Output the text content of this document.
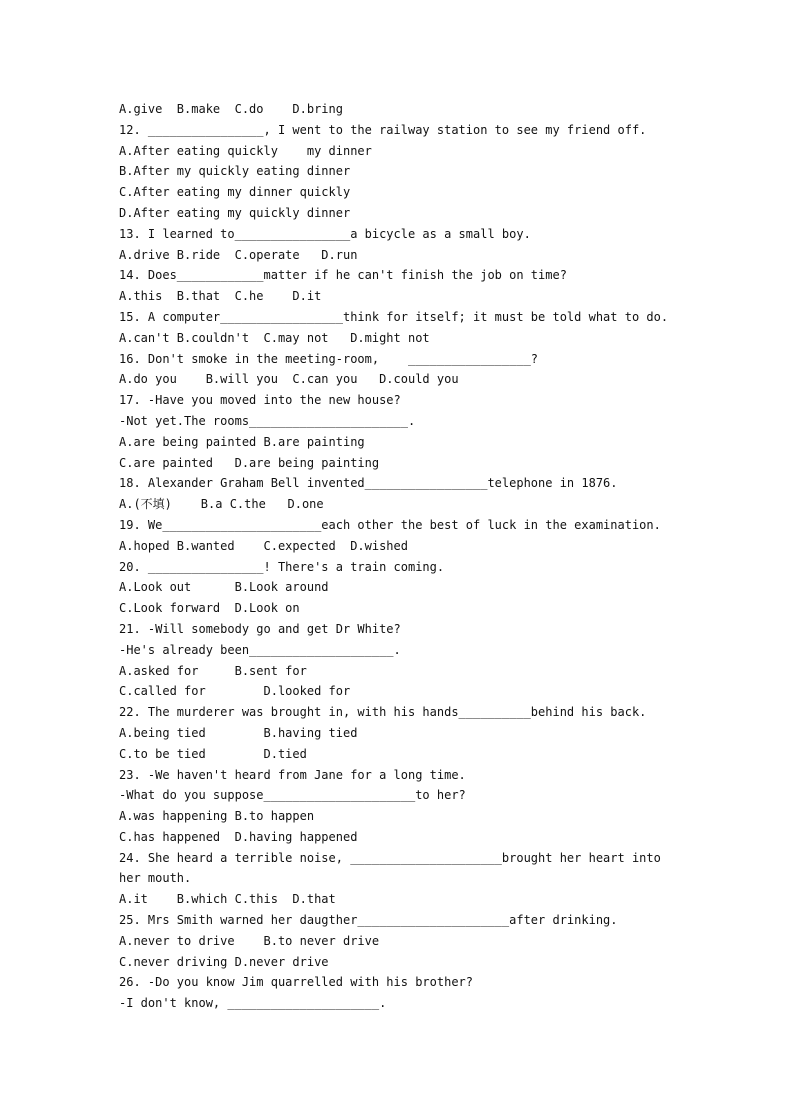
A.give  B.make  C.do    D.bring
12. ________________, I went to the railway station to see my friend off.
A.After eating quickly    my dinner
B.After my quickly eating dinner
C.After eating my dinner quickly
D.After eating my quickly dinner
13. I learned to________________a bicycle as a small boy.
A.drive B.ride  C.operate   D.run
14. Does____________matter if he can't finish the job on time?
A.this  B.that  C.he    D.it
15. A computer_________________think for itself; it must be told what to do.
A.can't B.couldn't  C.may not   D.might not
16. Don't smoke in the meeting-room,    _________________?
A.do you    B.will you  C.can you   D.could you
17. -Have you moved into the new house?
-Not yet.The rooms______________________.
A.are being painted B.are painting
C.are painted   D.are being painting
18. Alexander Graham Bell invented_________________telephone in 1876.
A.(不填)    B.a C.the   D.one
19. We______________________each other the best of luck in the examination.
A.hoped B.wanted    C.expected  D.wished
20. ________________! There's a train coming.
A.Look out      B.Look around
C.Look forward  D.Look on
21. -Will somebody go and get Dr White?
-He's already been____________________.
A.asked for     B.sent for
C.called for        D.looked for
22. The murderer was brought in, with his hands__________behind his back.
A.being tied        B.having tied
C.to be tied        D.tied
23. -We haven't heard from Jane for a long time.
-What do you suppose_____________________to her?
A.was happening B.to happen
C.has happened  D.having happened
24. She heard a terrible noise, _____________________brought her heart into
her mouth.
A.it    B.which C.this  D.that
25. Mrs Smith warned her daugther_____________________after drinking.
A.never to drive    B.to never drive
C.never driving D.never drive
26. -Do you know Jim quarrelled with his brother?
-I don't know, _____________________.
